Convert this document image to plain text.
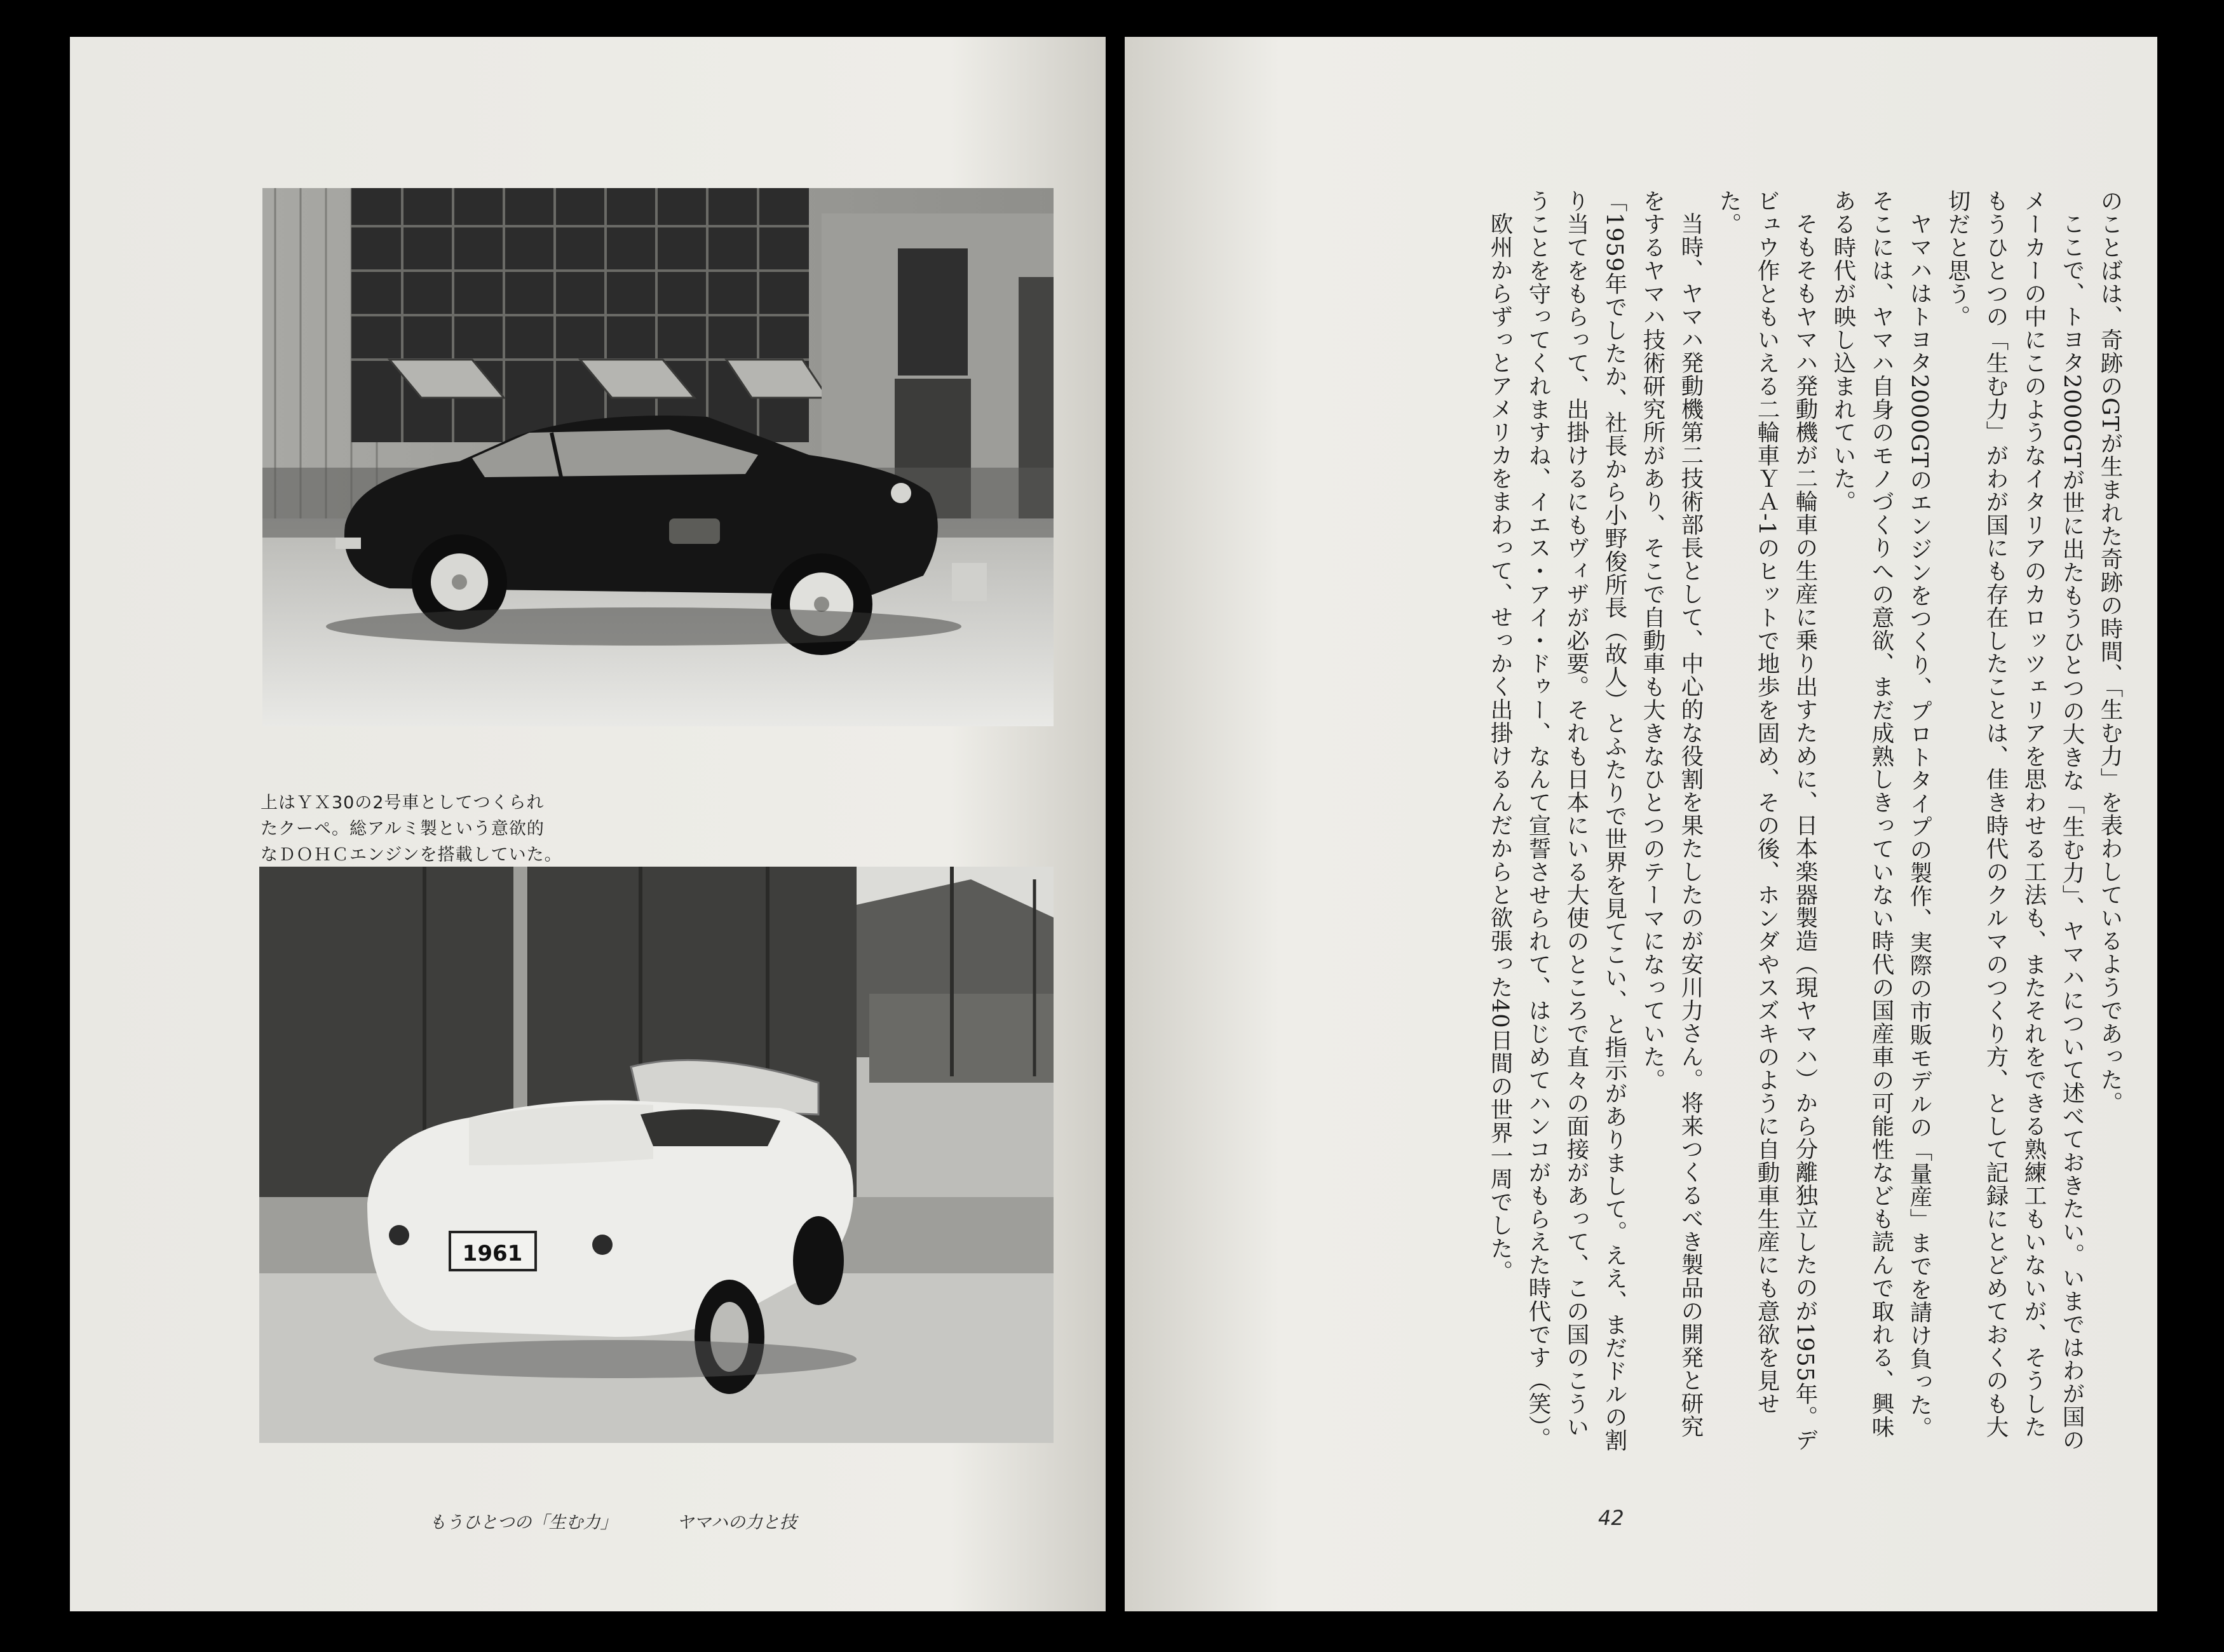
上はＹＸ30の2号車としてつくられ
たクーペ。総アルミ製という意欲的
なＤＯＨＣエンジンを搭載していた。
1961
もうひとつの「生む力」	ヤマハの力と技

のことばは、奇跡のGTが生まれた奇跡の時間、「生む力」を表わしているようであった。

ここで、トヨタ2000GTが世に出たもうひとつの大きな「生む力」、ヤマハについて述べておきたい。いまではわが国のメーカーの中にこのようなイタリアのカロッツェリアを思わせる工法も、またそれをできる熟練工もいないが、そうしたもうひとつの「生む力」がわが国にも存在したことは、佳き時代のクルマのつくり方、として記録にとどめておくのも大切だと思う。

ヤマハはトヨタ2000GTのエンジンをつくり、プロトタイプの製作、実際の市販モデルの「量産」までを請け負った。そこには、ヤマハ自身のモノづくりへの意欲、まだ成熟しきっていない時代の国産車の可能性なども読んで取れる、興味ある時代が映し込まれていた。

そもそもヤマハ発動機が二輪車の生産に乗り出すために、日本楽器製造（現ヤマハ）から分離独立したのが1955年。デビュウ作ともいえる二輪車ＹＡ-1のヒットで地歩を固め、その後、ホンダやスズキのように自動車生産にも意欲を見せた。

当時、ヤマハ発動機第二技術部長として、中心的な役割を果たしたのが安川力さん。将来つくるべき製品の開発と研究をするヤマハ技術研究所があり、そこで自動車も大きなひとつのテーマになっていた。

「1959年でしたか、社長から小野俊所長（故人）とふたりで世界を見てこい、と指示がありまして。ええ、まだドルの割り当てをもらって、出掛けるにもヴィザが必要。それも日本にいる大使のところで直々の面接があって、この国のこういうことを守ってくれますね、イエス・アイ・ドゥー、なんて宣誓させられて、はじめてハンコがもらえた時代です（笑）。

欧州からずっとアメリカをまわって、せっかく出掛けるんだからと欲張った40日間の世界一周でした。

42
